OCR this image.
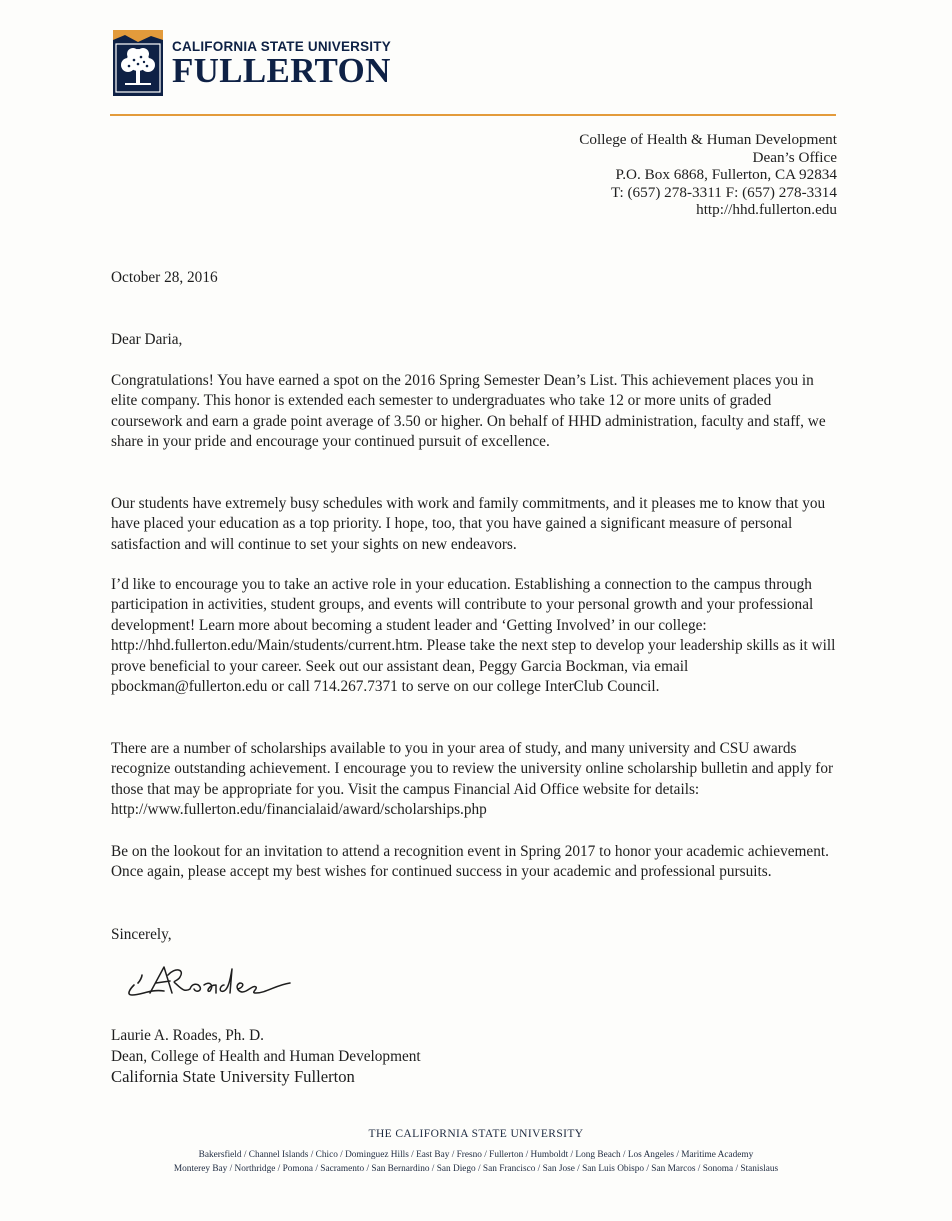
CALIFORNIA STATE UNIVERSITY
FULLERTON
College of Health & Human Development
Dean’s Office
P.O. Box 6868, Fullerton, CA 92834
T: (657) 278-3311 F: (657) 278-3314
http://hhd.fullerton.edu
October 28, 2016
Dear Daria,

Congratulations! You have earned a spot on the 2016 Spring Semester Dean’s List. This achievement places you in elite company. This honor is extended each semester to undergraduates who take 12 or more units of graded coursework and earn a grade point average of 3.50 or higher. On behalf of HHD administration, faculty and staff, we share in your pride and encourage your continued pursuit of excellence.

Our students have extremely busy schedules with work and family commitments, and it pleases me to know that you have placed your education as a top priority. I hope, too, that you have gained a significant measure of personal satisfaction and will continue to set your sights on new endeavors.

I’d like to encourage you to take an active role in your education. Establishing a connection to the campus through participation in activities, student groups, and events will contribute to your personal growth and your professional development! Learn more about becoming a student leader and ‘Getting Involved’ in our college: http://hhd.fullerton.edu/Main/students/current.htm. Please take the next step to develop your leadership skills as it will prove beneficial to your career. Seek out our assistant dean, Peggy Garcia Bockman, via email pbockman@fullerton.edu or call 714.267.7371 to serve on our college InterClub Council.

There are a number of scholarships available to you in your area of study, and many university and CSU awards recognize outstanding achievement. I encourage you to review the university online scholarship bulletin and apply for those that may be appropriate for you. Visit the campus Financial Aid Office website for details: http://www.fullerton.edu/financialaid/award/scholarships.php

Be on the lookout for an invitation to attend a recognition event in Spring 2017 to honor your academic achievement. Once again, please accept my best wishes for continued success in your academic and professional pursuits.

Sincerely,
Laurie A. Roades, Ph. D.
Dean, College of Health and Human Development
California State University Fullerton
THE CALIFORNIA STATE UNIVERSITY
Bakersfield / Channel Islands / Chico / Dominguez Hills / East Bay / Fresno / Fullerton / Humboldt / Long Beach / Los Angeles / Maritime Academy
Monterey Bay / Northridge / Pomona / Sacramento / San Bernardino / San Diego / San Francisco / San Jose / San Luis Obispo / San Marcos / Sonoma / Stanislaus
